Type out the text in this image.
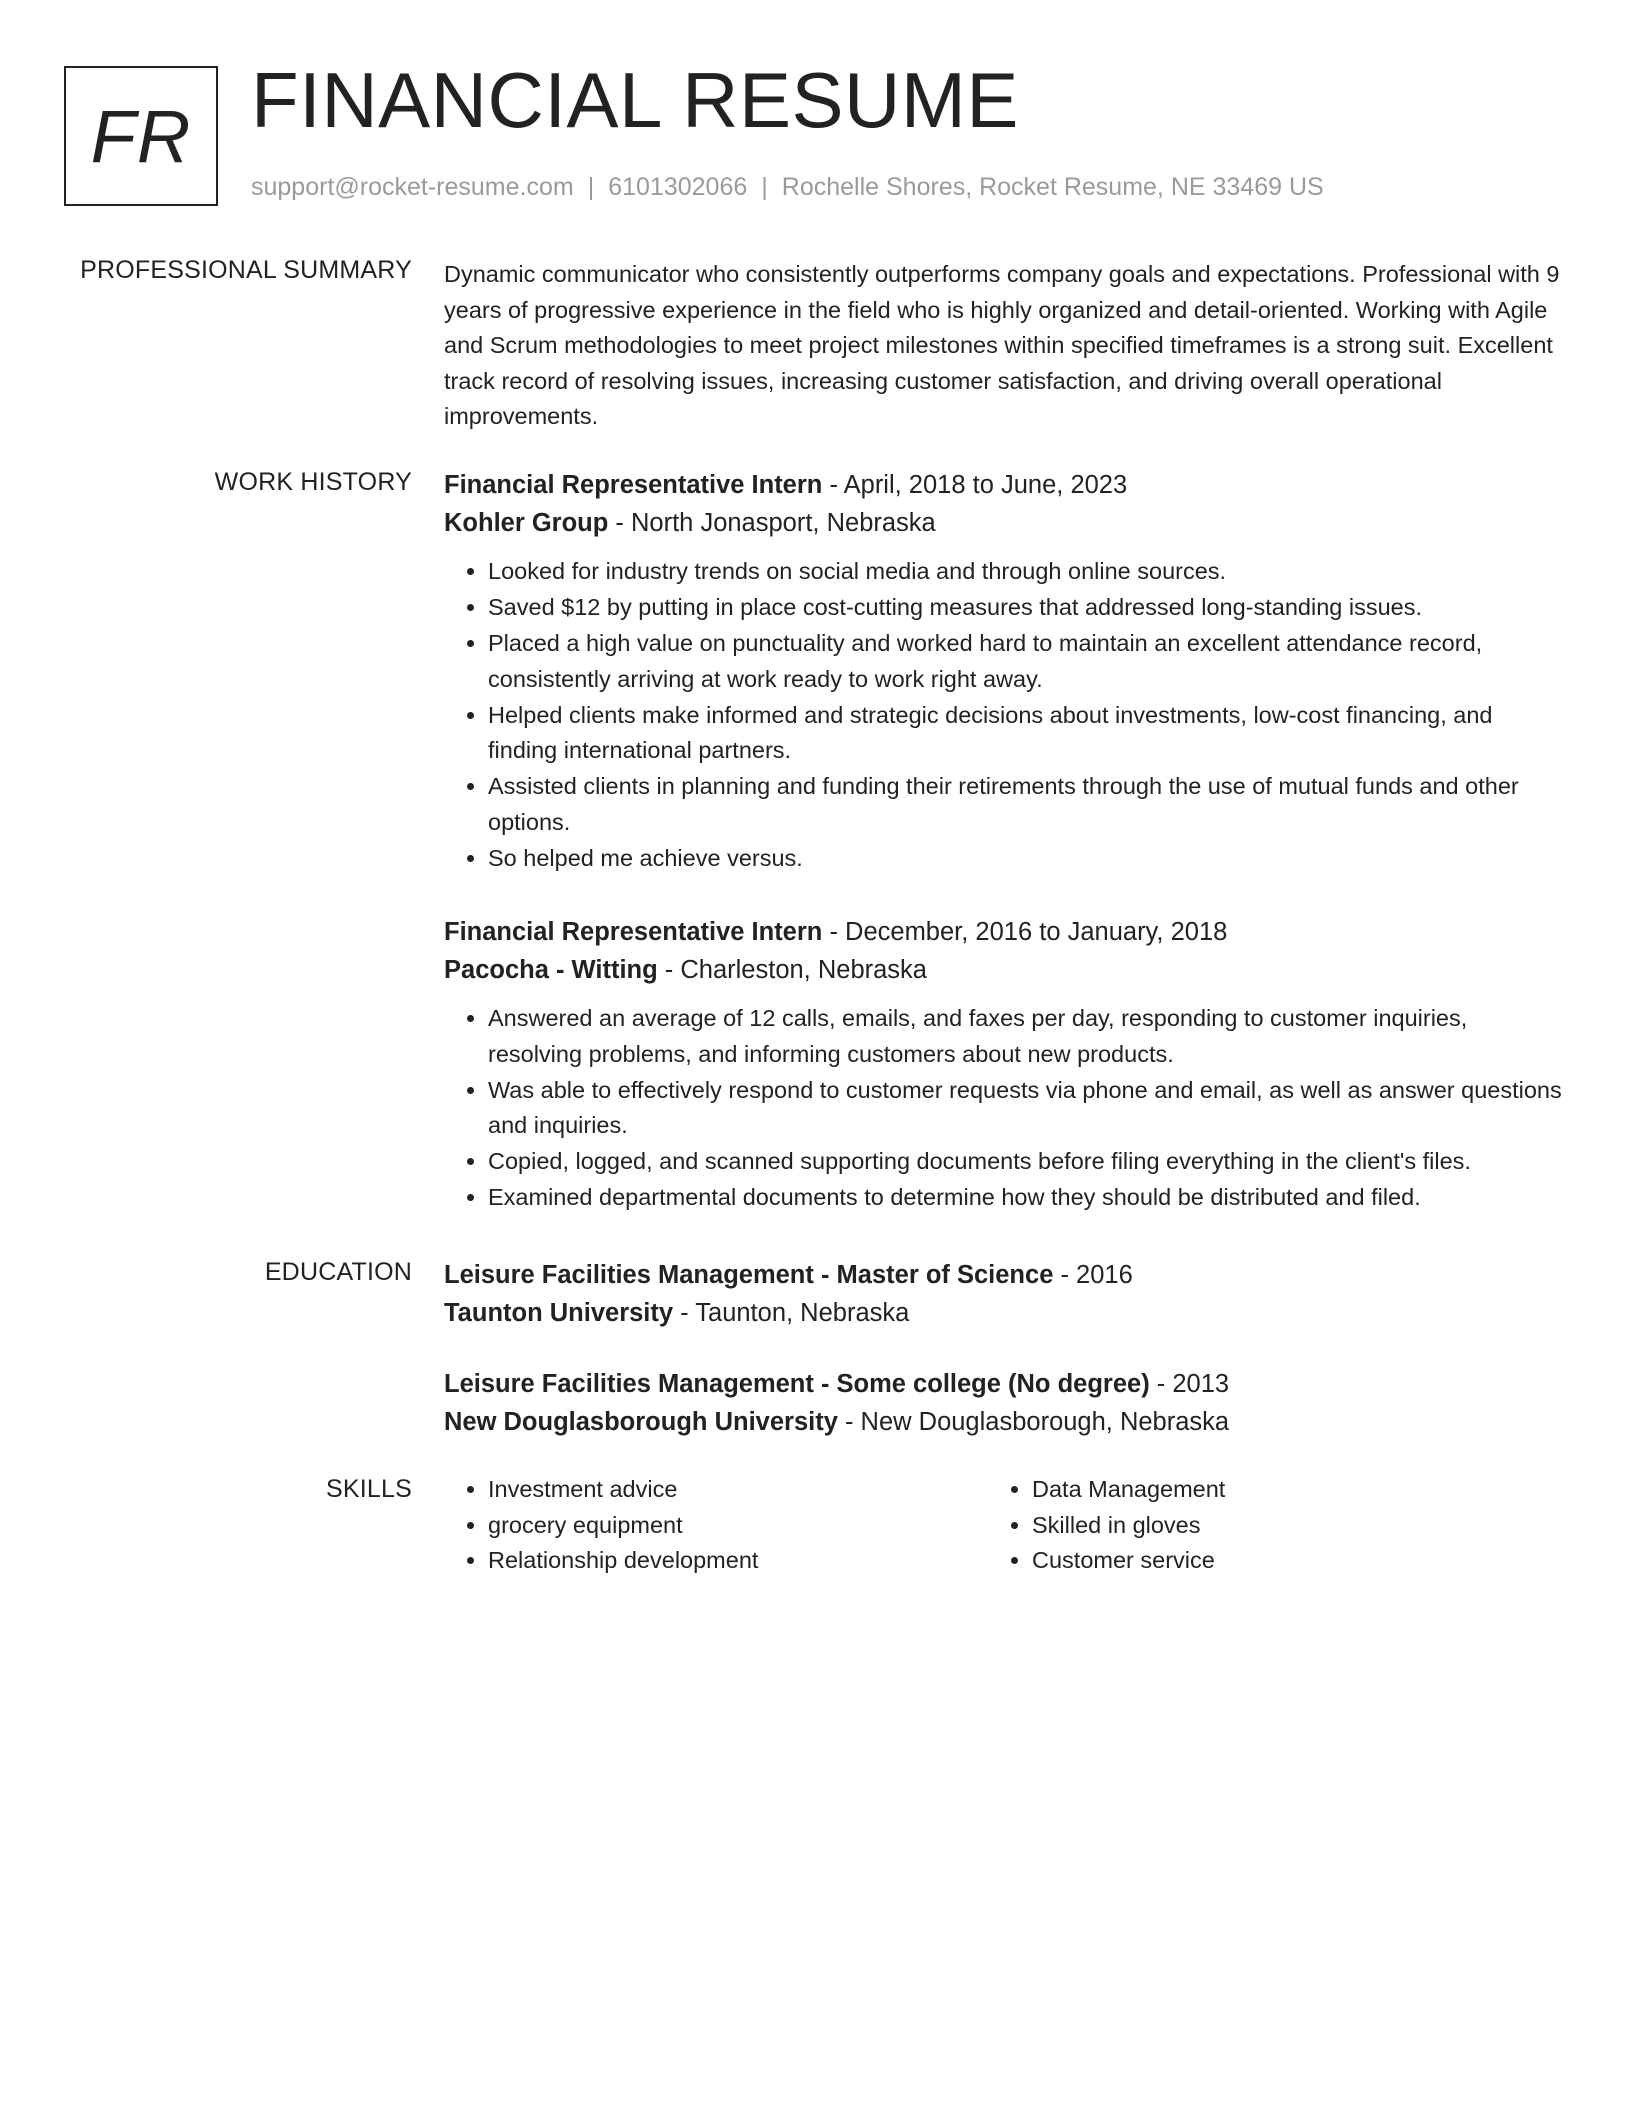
FR FINANCIAL RESUME
support@rocket-resume.com | 6101302066 | Rochelle Shores, Rocket Resume, NE 33469 US
PROFESSIONAL SUMMARY Dynamic communicator who consistently outperforms company goals and expectations. Professional with 9 years of progressive experience in the field who is highly organized and detail-oriented. Working with Agile and Scrum methodologies to meet project milestones within specified timeframes is a strong suit. Excellent track record of resolving issues, increasing customer satisfaction, and driving overall operational improvements.

WORK HISTORY Financial Representative Intern - April, 2018 to June, 2023
Kohler Group - North Jonasport, Nebraska
• Looked for industry trends on social media and through online sources.
• Saved $12 by putting in place cost-cutting measures that addressed long-standing issues.
• Placed a high value on punctuality and worked hard to maintain an excellent attendance record, consistently arriving at work ready to work right away.
• Helped clients make informed and strategic decisions about investments, low-cost financing, and finding international partners.
• Assisted clients in planning and funding their retirements through the use of mutual funds and other options.
• So helped me achieve versus.
Financial Representative Intern - December, 2016 to January, 2018
Pacocha - Witting - Charleston, Nebraska
• Answered an average of 12 calls, emails, and faxes per day, responding to customer inquiries, resolving problems, and informing customers about new products.
• Was able to effectively respond to customer requests via phone and email, as well as answer questions and inquiries.
• Copied, logged, and scanned supporting documents before filing everything in the client's files.
• Examined departmental documents to determine how they should be distributed and filed.
EDUCATION Leisure Facilities Management - Master of Science - 2016
Taunton University - Taunton, Nebraska
Leisure Facilities Management - Some college (No degree) - 2013
New Douglasborough University - New Douglasborough, Nebraska
SKILLS
•	Investment advice
• grocery equipment
• Relationship development
• Data Management
• Skilled in gloves
• Customer service
